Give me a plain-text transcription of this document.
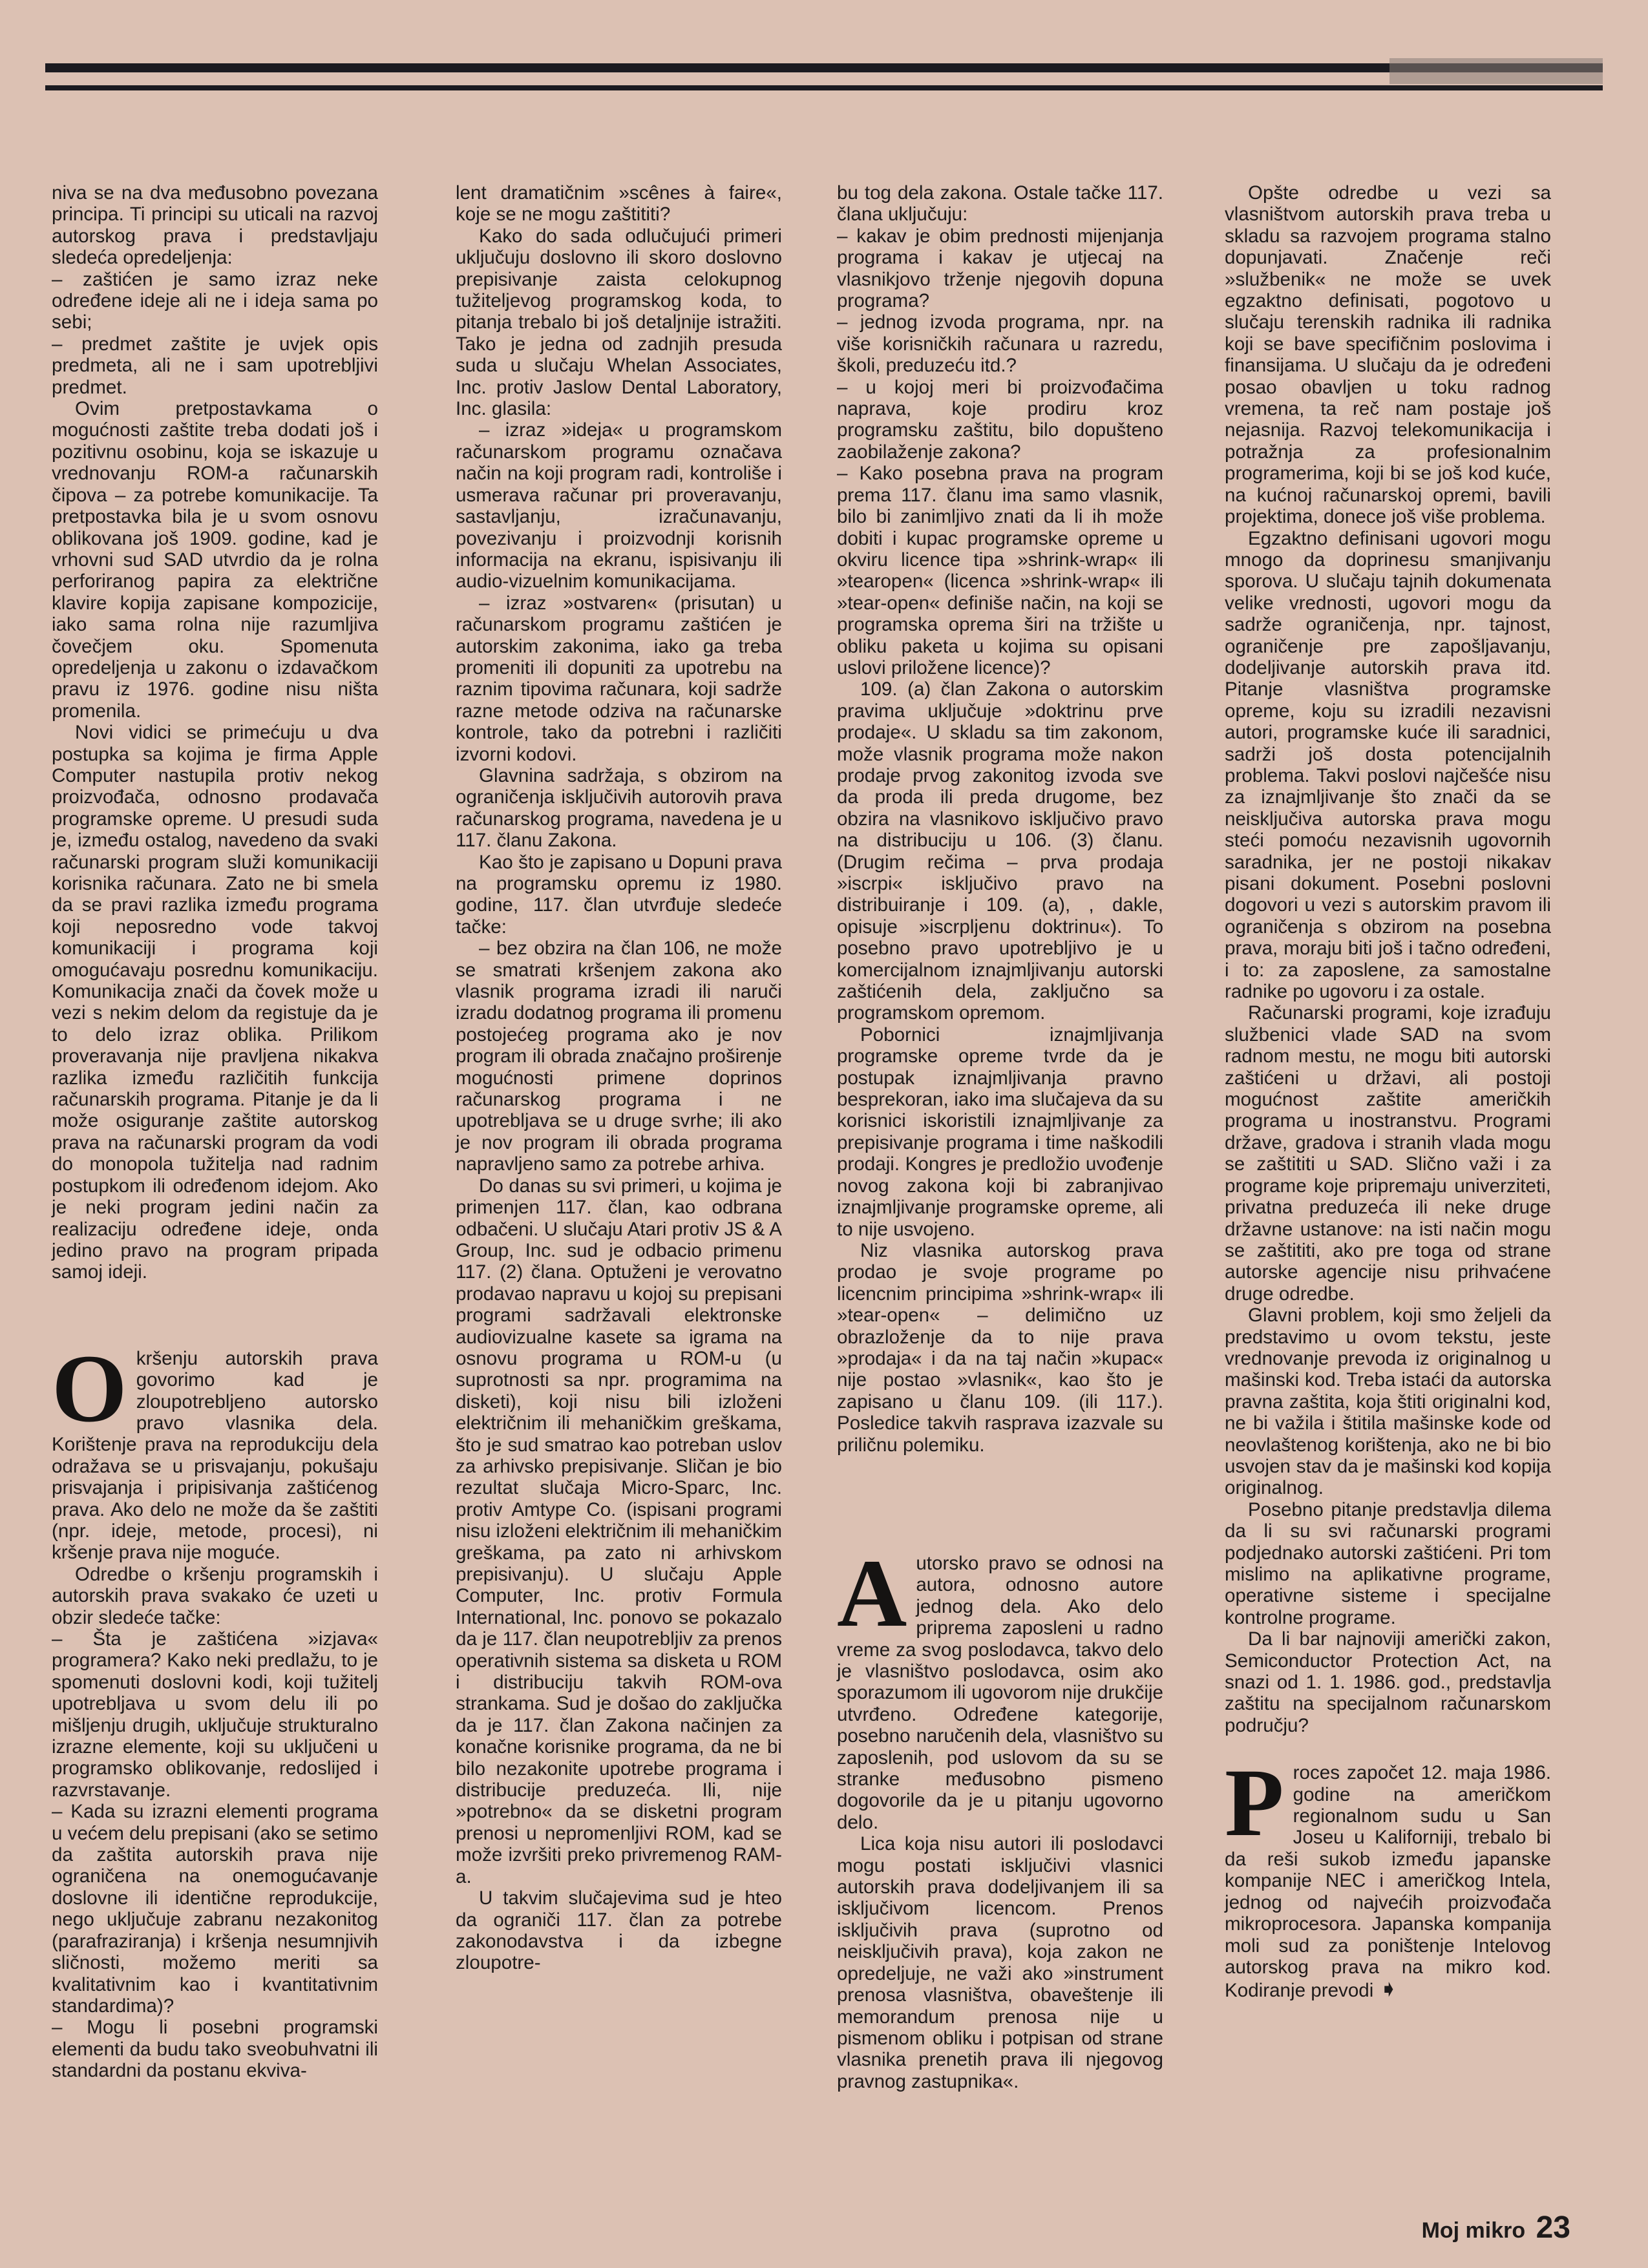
niva se na dva međusobno povezana principa. Ti principi su uticali na razvoj autorskog prava i predstavljaju sledeća opredeljenja:

– zaštićen je samo izraz neke određene ideje ali ne i ideja sama po sebi;

– predmet zaštite je uvjek opis predmeta, ali ne i sam upotrebljivi predmet.

Ovim pretpostavkama o mogućnosti zaštite treba dodati još i pozitivnu osobinu, koja se iskazuje u vrednovanju ROM-a računarskih čipova – za potrebe komunikacije. Ta pretpostavka bila je u svom osnovu oblikovana još 1909. godine, kad je vrhovni sud SAD utvrdio da je rolna perforiranog papira za električne klavire kopija zapisane kompozicije, iako sama rolna nije razumljiva čovečjem oku. Spomenuta opredeljenja u zakonu o izdavačkom pravu iz 1976. godine nisu ništa promenila.

Novi vidici se primećuju u dva postupka sa kojima je firma Apple Computer nastupila protiv nekog proizvođača, odnosno prodavača programske opreme. U presudi suda je, između ostalog, navedeno da svaki računarski program služi komunikaciji korisnika računara. Zato ne bi smela da se pravi razlika između programa koji neposredno vode takvoj komunikaciji i programa koji omogućavaju posrednu komunikaciju. Komunikacija znači da čovek može u vezi s nekim delom da registuje da je to delo izraz oblika. Prilikom proveravanja nije pravljena nikakva razlika između različitih funkcija računarskih programa. Pitanje je da li može osiguranje zaštite autorskog prava na računarski program da vodi do monopola tužitelja nad radnim postupkom ili određenom idejom. Ako je neki program jedini način za realizaciju određene ideje, onda jedino pravo na program pripada samoj ideji.

Okršenju autorskih prava govorimo kad je zloupotrebljeno autorsko pravo vlasnika dela. Korištenje prava na reprodukciju dela odražava se u prisvajanju, pokušaju prisvajanja i pripisivanja zaštićenog prava. Ako delo ne može da še zaštiti (npr. ideje, metode, procesi), ni kršenje prava nije moguće.

Odredbe o kršenju programskih i autorskih prava svakako će uzeti u obzir sledeće tačke:

– Šta je zaštićena »izjava« programera? Kako neki predlažu, to je spomenuti doslovni kodi, koji tužitelj upotrebljava u svom delu ili po mišljenju drugih, uključuje strukturalno izrazne elemente, koji su uključeni u programsko oblikovanje, redoslijed i razvrstavanje.

– Kada su izrazni elementi programa u većem delu prepisani (ako se setimo da zaštita autorskih prava nije ograničena na onemogućavanje doslovne ili identične reprodukcije, nego uključuje zabranu nezakonitog (parafraziranja) i kršenja nesumnjivih sličnosti, možemo meriti sa kvalitativnim kao i kvantitativnim standardima)?

– Mogu li posebni programski elementi da budu tako sveobuhvatni ili standardni da postanu ekviva-

lent dramatičnim »scênes à faire«, koje se ne mogu zaštititi?

Kako do sada odlučujući primeri uključuju doslovno ili skoro doslovno prepisivanje zaista celokupnog tužiteljevog programskog koda, to pitanja trebalo bi još detaljnije istražiti. Tako je jedna od zadnjih presuda suda u slučaju Whelan Associates, Inc. protiv Jaslow Dental Laboratory, Inc. glasila:

– izraz »ideja« u programskom računarskom programu označava način na koji program radi, kontroliše i usmerava računar pri proveravanju, sastavljanju, izračunavanju, povezivanju i proizvodnji korisnih informacija na ekranu, ispisivanju ili audio-vizuelnim komunikacijama.

– izraz »ostvaren« (prisutan) u računarskom programu zaštićen je autorskim zakonima, iako ga treba promeniti ili dopuniti za upotrebu na raznim tipovima računara, koji sadrže razne metode odziva na računarske kontrole, tako da potrebni i različiti izvorni kodovi.

Glavnina sadržaja, s obzirom na ograničenja isključivih autorovih prava računarskog programa, navedena je u 117. članu Zakona.

Kao što je zapisano u Dopuni prava na programsku opremu iz 1980. godine, 117. član utvrđuje sledeće tačke:

– bez obzira na član 106, ne može se smatrati kršenjem zakona ako vlasnik programa izradi ili naruči izradu dodatnog programa ili promenu postojećeg programa ako je nov program ili obrada značajno proširenje mogućnosti primene doprinos računarskog programa i ne upotrebljava se u druge svrhe; ili ako je nov program ili obrada programa napravljeno samo za potrebe arhiva.

Do danas su svi primeri, u kojima je primenjen 117. član, kao odbrana odbačeni. U slučaju Atari protiv JS & A Group, Inc. sud je odbacio primenu 117. (2) člana. Optuženi je verovatno prodavao napravu u kojoj su prepisani programi sadržavali elektronske audiovizualne kasete sa igrama na osnovu programa u ROM-u (u suprotnosti sa npr. programima na disketi), koji nisu bili izloženi električnim ili mehaničkim greškama, što je sud smatrao kao potreban uslov za arhivsko prepisivanje. Sličan je bio rezultat slučaja Micro-Sparc, Inc. protiv Amtype Co. (ispisani programi nisu izloženi električnim ili mehaničkim greškama, pa zato ni arhivskom prepisivanju). U slučaju Apple Computer, Inc. protiv Formula International, Inc. ponovo se pokazalo da je 117. član neupotrebljiv za prenos operativnih sistema sa disketa u ROM i distribuciju takvih ROM-ova strankama. Sud je došao do zaključka da je 117. član Zakona načinjen za konačne korisnike programa, da ne bi bilo nezakonite upotrebe programa i distribucije preduzeća. Ili, nije »potrebno« da se disketni program prenosi u nepromenljivi ROM, kad se može izvršiti preko privremenog RAM-a.

U takvim slučajevima sud je hteo da ograniči 117. član za potrebe zakonodavstva i da izbegne zloupotre-

bu tog dela zakona. Ostale tačke 117. člana uključuju:

– kakav je obim prednosti mijenjanja programa i kakav je utjecaj na vlasnikjovo trženje njegovih dopuna programa?

– jednog izvoda programa, npr. na više korisničkih računara u razredu, školi, preduzeću itd.?

– u kojoj meri bi proizvođačima naprava, koje prodiru kroz programsku zaštitu, bilo dopušteno zaobilaženje zakona?

– Kako posebna prava na program prema 117. članu ima samo vlasnik, bilo bi zanimljivo znati da li ih može dobiti i kupac programske opreme u okviru licence tipa »shrink-wrap« ili »tearopen« (licenca »shrink-wrap« ili »tear-open« definiše način, na koji se programska oprema širi na tržište u obliku paketa u kojima su opisani uslovi priložene licence)?

109. (a) član Zakona o autorskim pravima uključuje »doktrinu prve prodaje«. U skladu sa tim zakonom, može vlasnik programa može nakon prodaje prvog zakonitog izvoda sve da proda ili preda drugome, bez obzira na vlasnikovo isključivo pravo na distribuciju u 106. (3) članu. (Drugim rečima – prva prodaja »iscrpi« isključivo pravo na distribuiranje i 109. (a), , dakle, opisuje »iscrpljenu doktrinu«). To posebno pravo upotrebljivo je u komercijalnom iznajmljivanju autorski zaštićenih dela, zaključno sa programskom opremom.

Pobornici iznajmljivanja programske opreme tvrde da je postupak iznajmljivanja pravno besprekoran, iako ima slučajeva da su korisnici iskoristili iznajmljivanje za prepisivanje programa i time naškodili prodaji. Kongres je predložio uvođenje novog zakona koji bi zabranjivao iznajmljivanje programske opreme, ali to nije usvojeno.

Niz vlasnika autorskog prava prodao je svoje programe po licencnim principima »shrink-wrap« ili »tear-open« – delimično uz obrazloženje da to nije prava »prodaja« i da na taj način »kupac« nije postao »vlasnik«, kao što je zapisano u članu 109. (ili 117.). Posledice takvih rasprava izazvale su priličnu polemiku.

Autorsko pravo se odnosi na autora, odnosno autore jednog dela. Ako delo priprema zaposleni u radno vreme za svog poslodavca, takvo delo je vlasništvo poslodavca, osim ako sporazumom ili ugovorom nije drukčije utvrđeno. Određene kategorije, posebno naručenih dela, vlasništvo su zaposlenih, pod uslovom da su se stranke međusobno pismeno dogovorile da je u pitanju ugovorno delo.

Lica koja nisu autori ili poslodavci mogu postati isključivi vlasnici autorskih prava dodeljivanjem ili sa isključivom licencom. Prenos isključivih prava (suprotno od neisključivih prava), koja zakon ne opredeljuje, ne važi ako »instrument prenosa vlasništva, obaveštenje ili memorandum prenosa nije u pismenom obliku i potpisan od strane vlasnika prenetih prava ili njegovog pravnog zastupnika«.

Opšte odredbe u vezi sa vlasništvom autorskih prava treba u skladu sa razvojem programa stalno dopunjavati. Značenje reči »službenik« ne može se uvek egzaktno definisati, pogotovo u slučaju terenskih radnika ili radnika koji se bave specifičnim poslovima i finansijama. U slučaju da je određeni posao obavljen u toku radnog vremena, ta reč nam postaje još nejasnija. Razvoj telekomunikacija i potražnja za profesionalnim programerima, koji bi se još kod kuće, na kućnoj računarskoj opremi, bavili projektima, donece još više problema.

Egzaktno definisani ugovori mogu mnogo da doprinesu smanjivanju sporova. U slučaju tajnih dokumenata velike vrednosti, ugovori mogu da sadrže ograničenja, npr. tajnost, ograničenje pre zapošljavanju, dodeljivanje autorskih prava itd. Pitanje vlasništva programske opreme, koju su izradili nezavisni autori, programske kuće ili saradnici, sadrži još dosta potencijalnih problema. Takvi poslovi najčešće nisu za iznajmljivanje što znači da se neisključiva autorska prava mogu steći pomoću nezavisnih ugovornih saradnika, jer ne postoji nikakav pisani dokument. Posebni poslovni dogovori u vezi s autorskim pravom ili ograničenja s obzirom na posebna prava, moraju biti još i tačno određeni, i to: za zaposlene, za samostalne radnike po ugovoru i za ostale.

Računarski programi, koje izrađuju službenici vlade SAD na svom radnom mestu, ne mogu biti autorski zaštićeni u državi, ali postoji mogućnost zaštite američkih programa u inostranstvu. Programi države, gradova i stranih vlada mogu se zaštititi u SAD. Slično važi i za programe koje pripremaju univerziteti, privatna preduzeća ili neke druge državne ustanove: na isti način mogu se zaštititi, ako pre toga od strane autorske agencije nisu prihvaćene druge odredbe.

Glavni problem, koji smo željeli da predstavimo u ovom tekstu, jeste vrednovanje prevoda iz originalnog u mašinski kod. Treba istaći da autorska pravna zaštita, koja štiti originalni kod, ne bi važila i štitila mašinske kode od neovlaštenog korištenja, ako ne bi bio usvojen stav da je mašinski kod kopija originalnog.

Posebno pitanje predstavlja dilema da li su svi računarski programi podjednako autorski zaštićeni. Pri tom mislimo na aplikativne programe, operativne sisteme i specijalne kontrolne programe.

Da li bar najnoviji američki zakon, Semiconductor Protection Act, na snazi od 1. 1. 1986. god., predstavlja zaštitu na specijalnom računarskom području?

Proces započet 12. maja 1986. godine na američkom regionalnom sudu u San Joseu u Kaliforniji, trebalo bi da reši sukob između japanske kompanije NEC i američkog Intela, jednog od najvećih proizvođača mikroprocesora. Japanska kompanija moli sud za poništenje Intelovog autorskog prava na mikro kod. Kodiranje prevodi ➧

Moj mikro 23
